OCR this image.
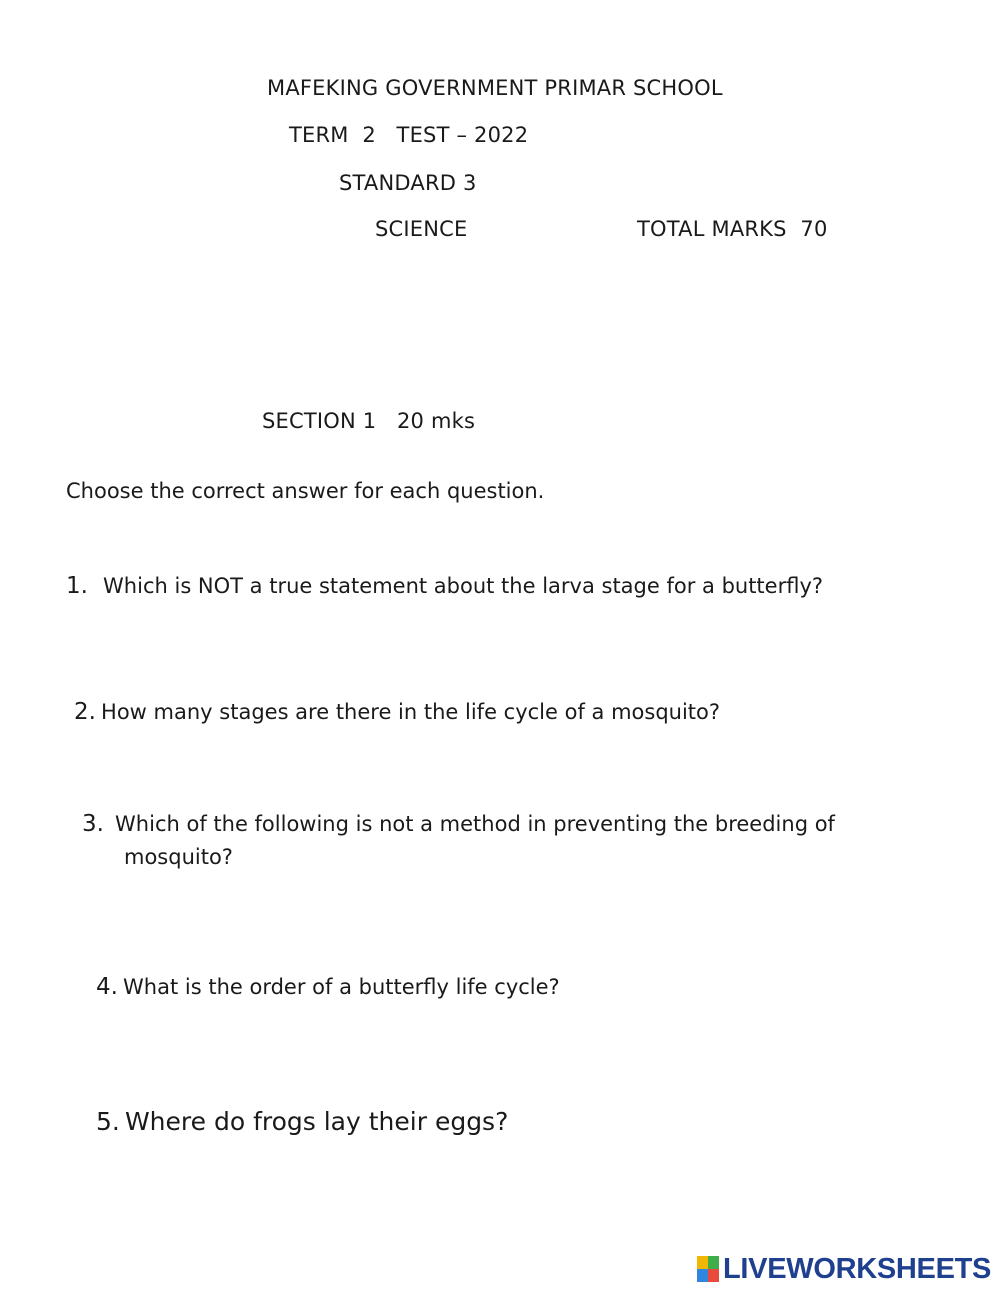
MAFEKING GOVERNMENT PRIMAR SCHOOL
TERM  2   TEST – 2022
STANDARD 3
SCIENCE	TOTAL MARKS  70
SECTION 1   20 mks
Choose the correct answer for each question.
1. Which is NOT a true statement about the larva stage for a butterfly?
2. How many stages are there in the life cycle of a mosquito?
3. Which of the following is not a method in preventing the breeding of
mosquito?
4. What is the order of a butterfly life cycle?
5. Where do frogs lay their eggs?
LIVEWORKSHEETS
